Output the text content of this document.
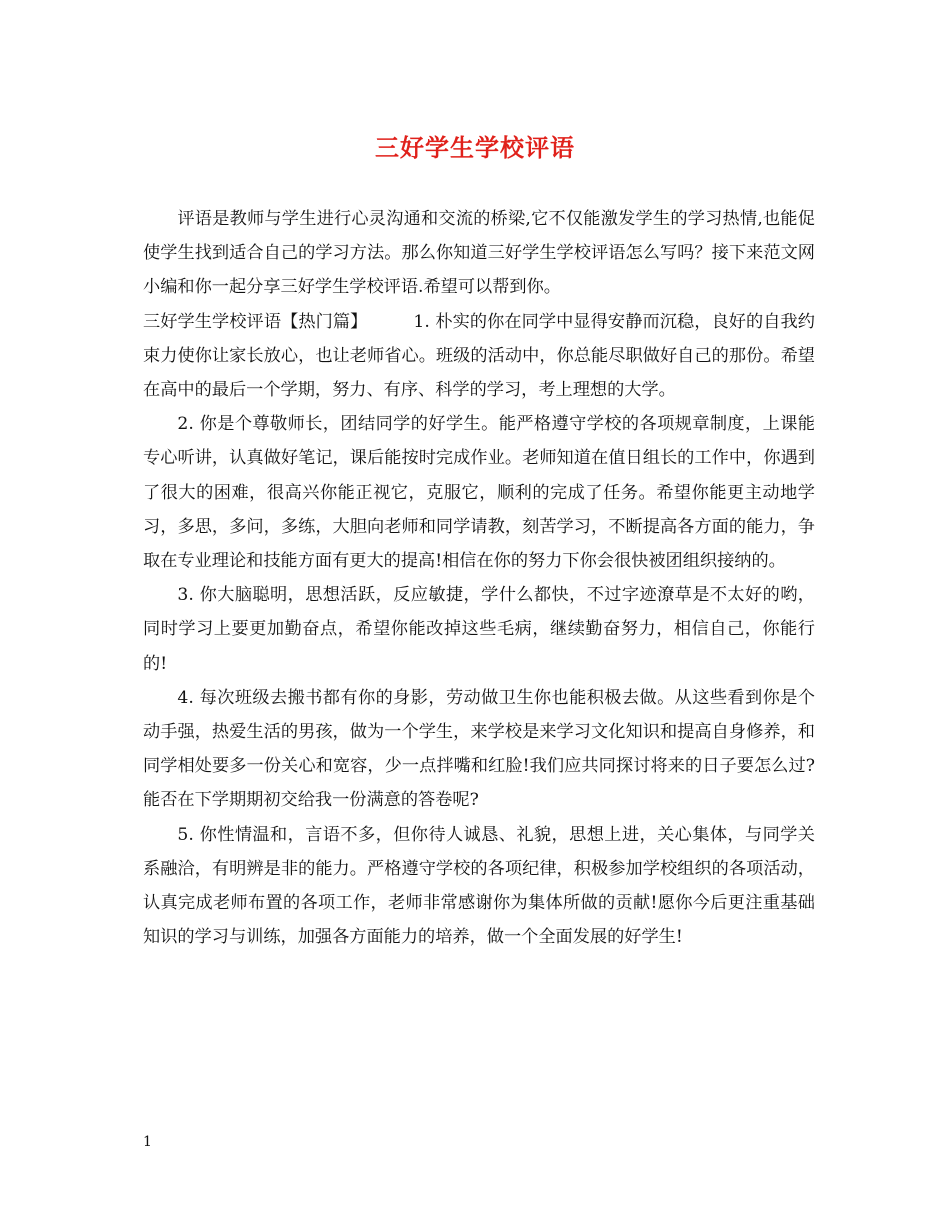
三好学生学校评语

评语是教师与学生进行心灵沟通和交流的桥梁,它不仅能激发学生的学习热情,也能促使学生找到适合自己的学习方法。那么你知道三好学生学校评语怎么写吗？接下来范文网小编和你一起分享三好学生学校评语.希望可以帮到你。

三好学生学校评语【热门篇】	1. 朴实的你在同学中显得安静而沉稳，良好的自我约束力使你让家长放心，也让老师省心。班级的活动中，你总能尽职做好自己的那份。希望在高中的最后一个学期，努力、有序、科学的学习，考上理想的大学。

2. 你是个尊敬师长，团结同学的好学生。能严格遵守学校的各项规章制度，上课能专心听讲，认真做好笔记，课后能按时完成作业。老师知道在值日组长的工作中，你遇到了很大的困难，很高兴你能正视它，克服它，顺利的完成了任务。希望你能更主动地学习，多思，多问，多练，大胆向老师和同学请教，刻苦学习，不断提高各方面的能力，争取在专业理论和技能方面有更大的提高!相信在你的努力下你会很快被团组织接纳的。

3. 你大脑聪明，思想活跃，反应敏捷，学什么都快，不过字迹潦草是不太好的哟，同时学习上要更加勤奋点，希望你能改掉这些毛病，继续勤奋努力，相信自己，你能行的!

4. 每次班级去搬书都有你的身影，劳动做卫生你也能积极去做。从这些看到你是个动手强，热爱生活的男孩，做为一个学生，来学校是来学习文化知识和提高自身修养，和同学相处要多一份关心和宽容，少一点拌嘴和红脸!我们应共同探讨将来的日子要怎么过?能否在下学期期初交给我一份满意的答卷呢?

5. 你性情温和，言语不多，但你待人诚恳、礼貌，思想上进，关心集体，与同学关系融洽，有明辨是非的能力。严格遵守学校的各项纪律，积极参加学校组织的各项活动，认真完成老师布置的各项工作，老师非常感谢你为集体所做的贡献!愿你今后更注重基础知识的学习与训练，加强各方面能力的培养，做一个全面发展的好学生!

1
